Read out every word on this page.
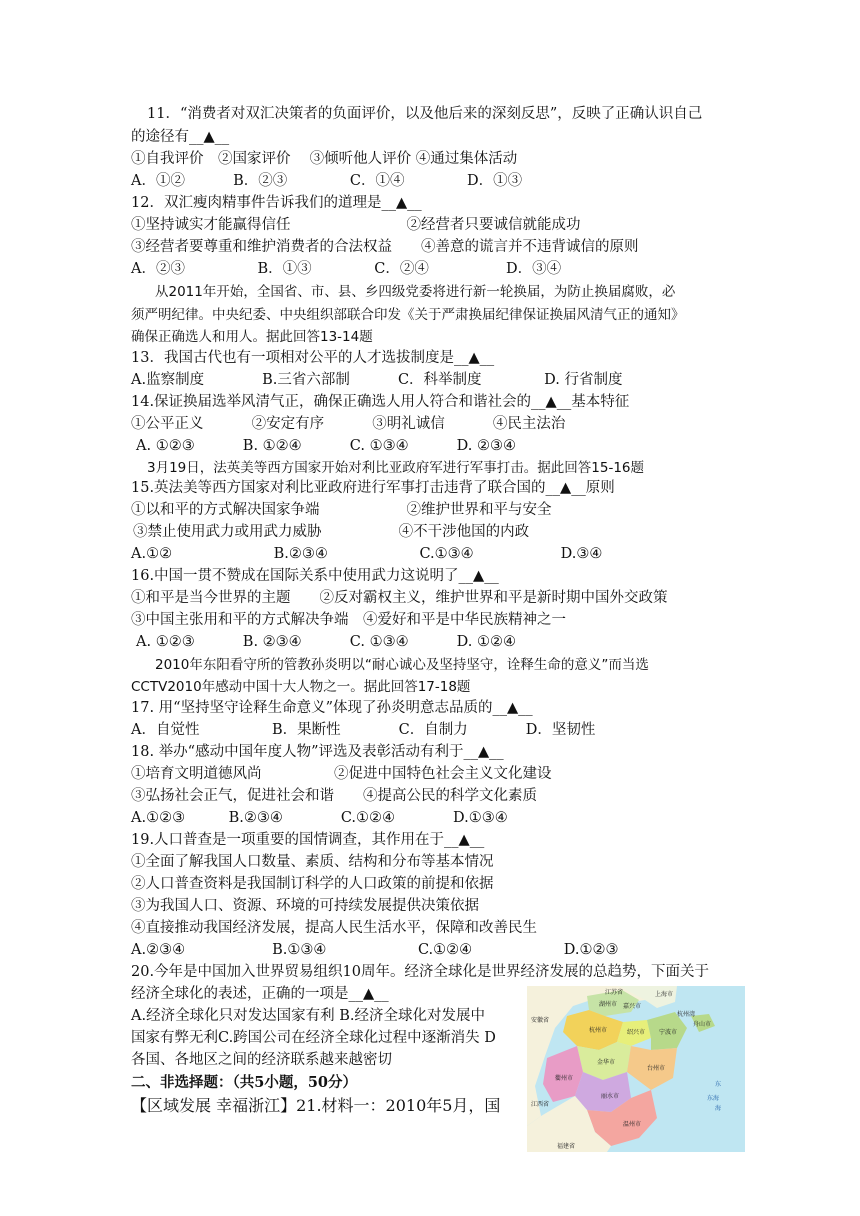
11．“消费者对双汇决策者的负面评价，以及他后来的深刻反思”，反映了正确认识自己
的途径有__▲__
①自我评价　②国家评价　 ③倾听他人评价 ④通过集体活动
A．①②　　　 B．②③　　　　 C．①④　　　　 D．①③
12．双汇瘦肉精事件告诉我们的道理是__▲__
①坚持诚实才能赢得信任　　　　　　　　②经营者只要诚信就能成功
③经营者要尊重和维护消费者的合法权益　　④善意的谎言并不违背诚信的原则
A．②③　　　　　B．①③　　　　 C．②④　　　　　 D．③④
从2011年开始，全国省、市、县、乡四级党委将进行新一轮换届，为防止换届腐败，必
须严明纪律。中央纪委、中央组织部联合印发《关于严肃换届纪律保证换届风清气正的通知》
确保正确选人和用人。据此回答13-14题
13．我国古代也有一项相对公平的人才选拔制度是__▲__
A.监察制度　　　　B.三省六部制　　　 C．科举制度　　　　 D. 行省制度
14.保证换届选举风清气正，确保正确选人用人符合和谐社会的__▲__基本特征
①公平正义　　　 ②安定有序　　　 ③明礼诚信　　　 ④民主法治
A. ①②③　　　 B. ①②④　　　 C. ①③④　　　 D. ②③④
3月19日，法英美等西方国家开始对利比亚政府军进行军事打击。据此回答15-16题
15.英法美等西方国家对利比亚政府进行军事打击违背了联合国的__▲__原则
①以和平的方式解决国家争端　　　　　　②维护世界和平与安全
③禁止使用武力或用武力威胁　　　　　 ④不干涉他国的内政
A.①②　　　　　　　B.②③④　　　　　　 C.①③④　　　　　　D.③④
16.中国一贯不赞成在国际关系中使用武力这说明了__▲__
①和平是当今世界的主题　　②反对霸权主义，维护世界和平是新时期中国外交政策
③中国主张用和平的方式解决争端　④爱好和平是中华民族精神之一
A. ①②③　　　 B. ②③④　　　 C. ①③④　　　 D. ①②④
2010年东阳看守所的管教孙炎明以“耐心诚心及坚持坚守，诠释生命的意义”而当选
CCTV2010年感动中国十大人物之一。据此回答17-18题
17. 用“坚持坚守诠释生命意义”体现了孙炎明意志品质的__▲__
A．自觉性　　　　　B．果断性　　　　C．自制力　　　　D．坚韧性
18. 举办“感动中国年度人物”评选及表彰活动有利于__▲__
①培育文明道德风尚　　　　　②促进中国特色社会主义文化建设
③弘扬社会正气，促进社会和谐　　④提高公民的科学文化素质
A.①②③　　　B.②③④　　　　C.①②④　　　　D.①③④
19.人口普查是一项重要的国情调查，其作用在于__▲__
①全面了解我国人口数量、素质、结构和分布等基本情况
②人口普查资料是我国制订科学的人口政策的前提和依据
③为我国人口、资源、环境的可持续发展提供决策依据
④直接推动我国经济发展，提高人民生活水平，保障和改善民生
A.②③④　　　　　　B.①③④　　　　　　 C.①②④　　　　　　 D.①②③
20.今年是中国加入世界贸易组织10周年。经济全球化是世界经济发展的总趋势，下面关于
经济全球化的表述，正确的一项是__▲__
A.经济全球化只对发达国家有利 B.经济全球化对发展中
国家有弊无利C.跨国公司在经济全球化过程中逐渐消失 D
各国、各地区之间的经济联系越来越密切
二、非选择题：（共5小题，50分）
【区域发展 幸福浙江】21.材料一：2010年5月，国
湖州市 嘉兴市
杭州市	绍兴市 宁波市
舟山市
金华市
衢州市
台州市
丽水市
温州市
江苏省	上海市
安徽省
江西省
福建省
杭州湾
东海
东
海
